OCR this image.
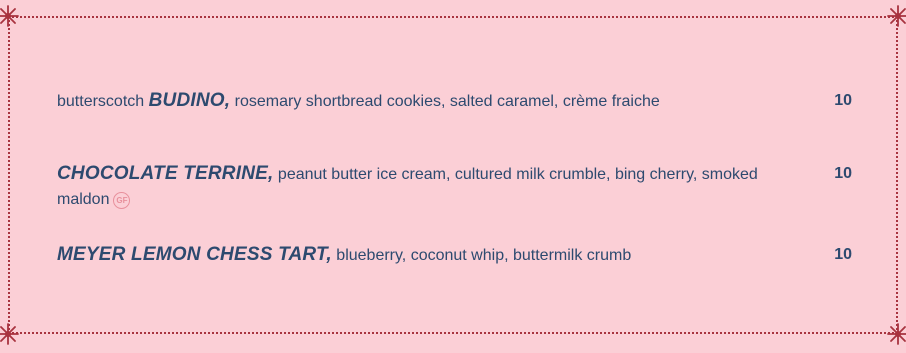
butterscotch BUDINO, rosemary shortbread cookies, salted caramel, crème fraiche	10
CHOCOLATE TERRINE, peanut butter ice cream, cultured milk crumble, bing cherry, smoked maldon GF
10
MEYER LEMON CHESS TART, blueberry, coconut whip, buttermilk crumb	10
